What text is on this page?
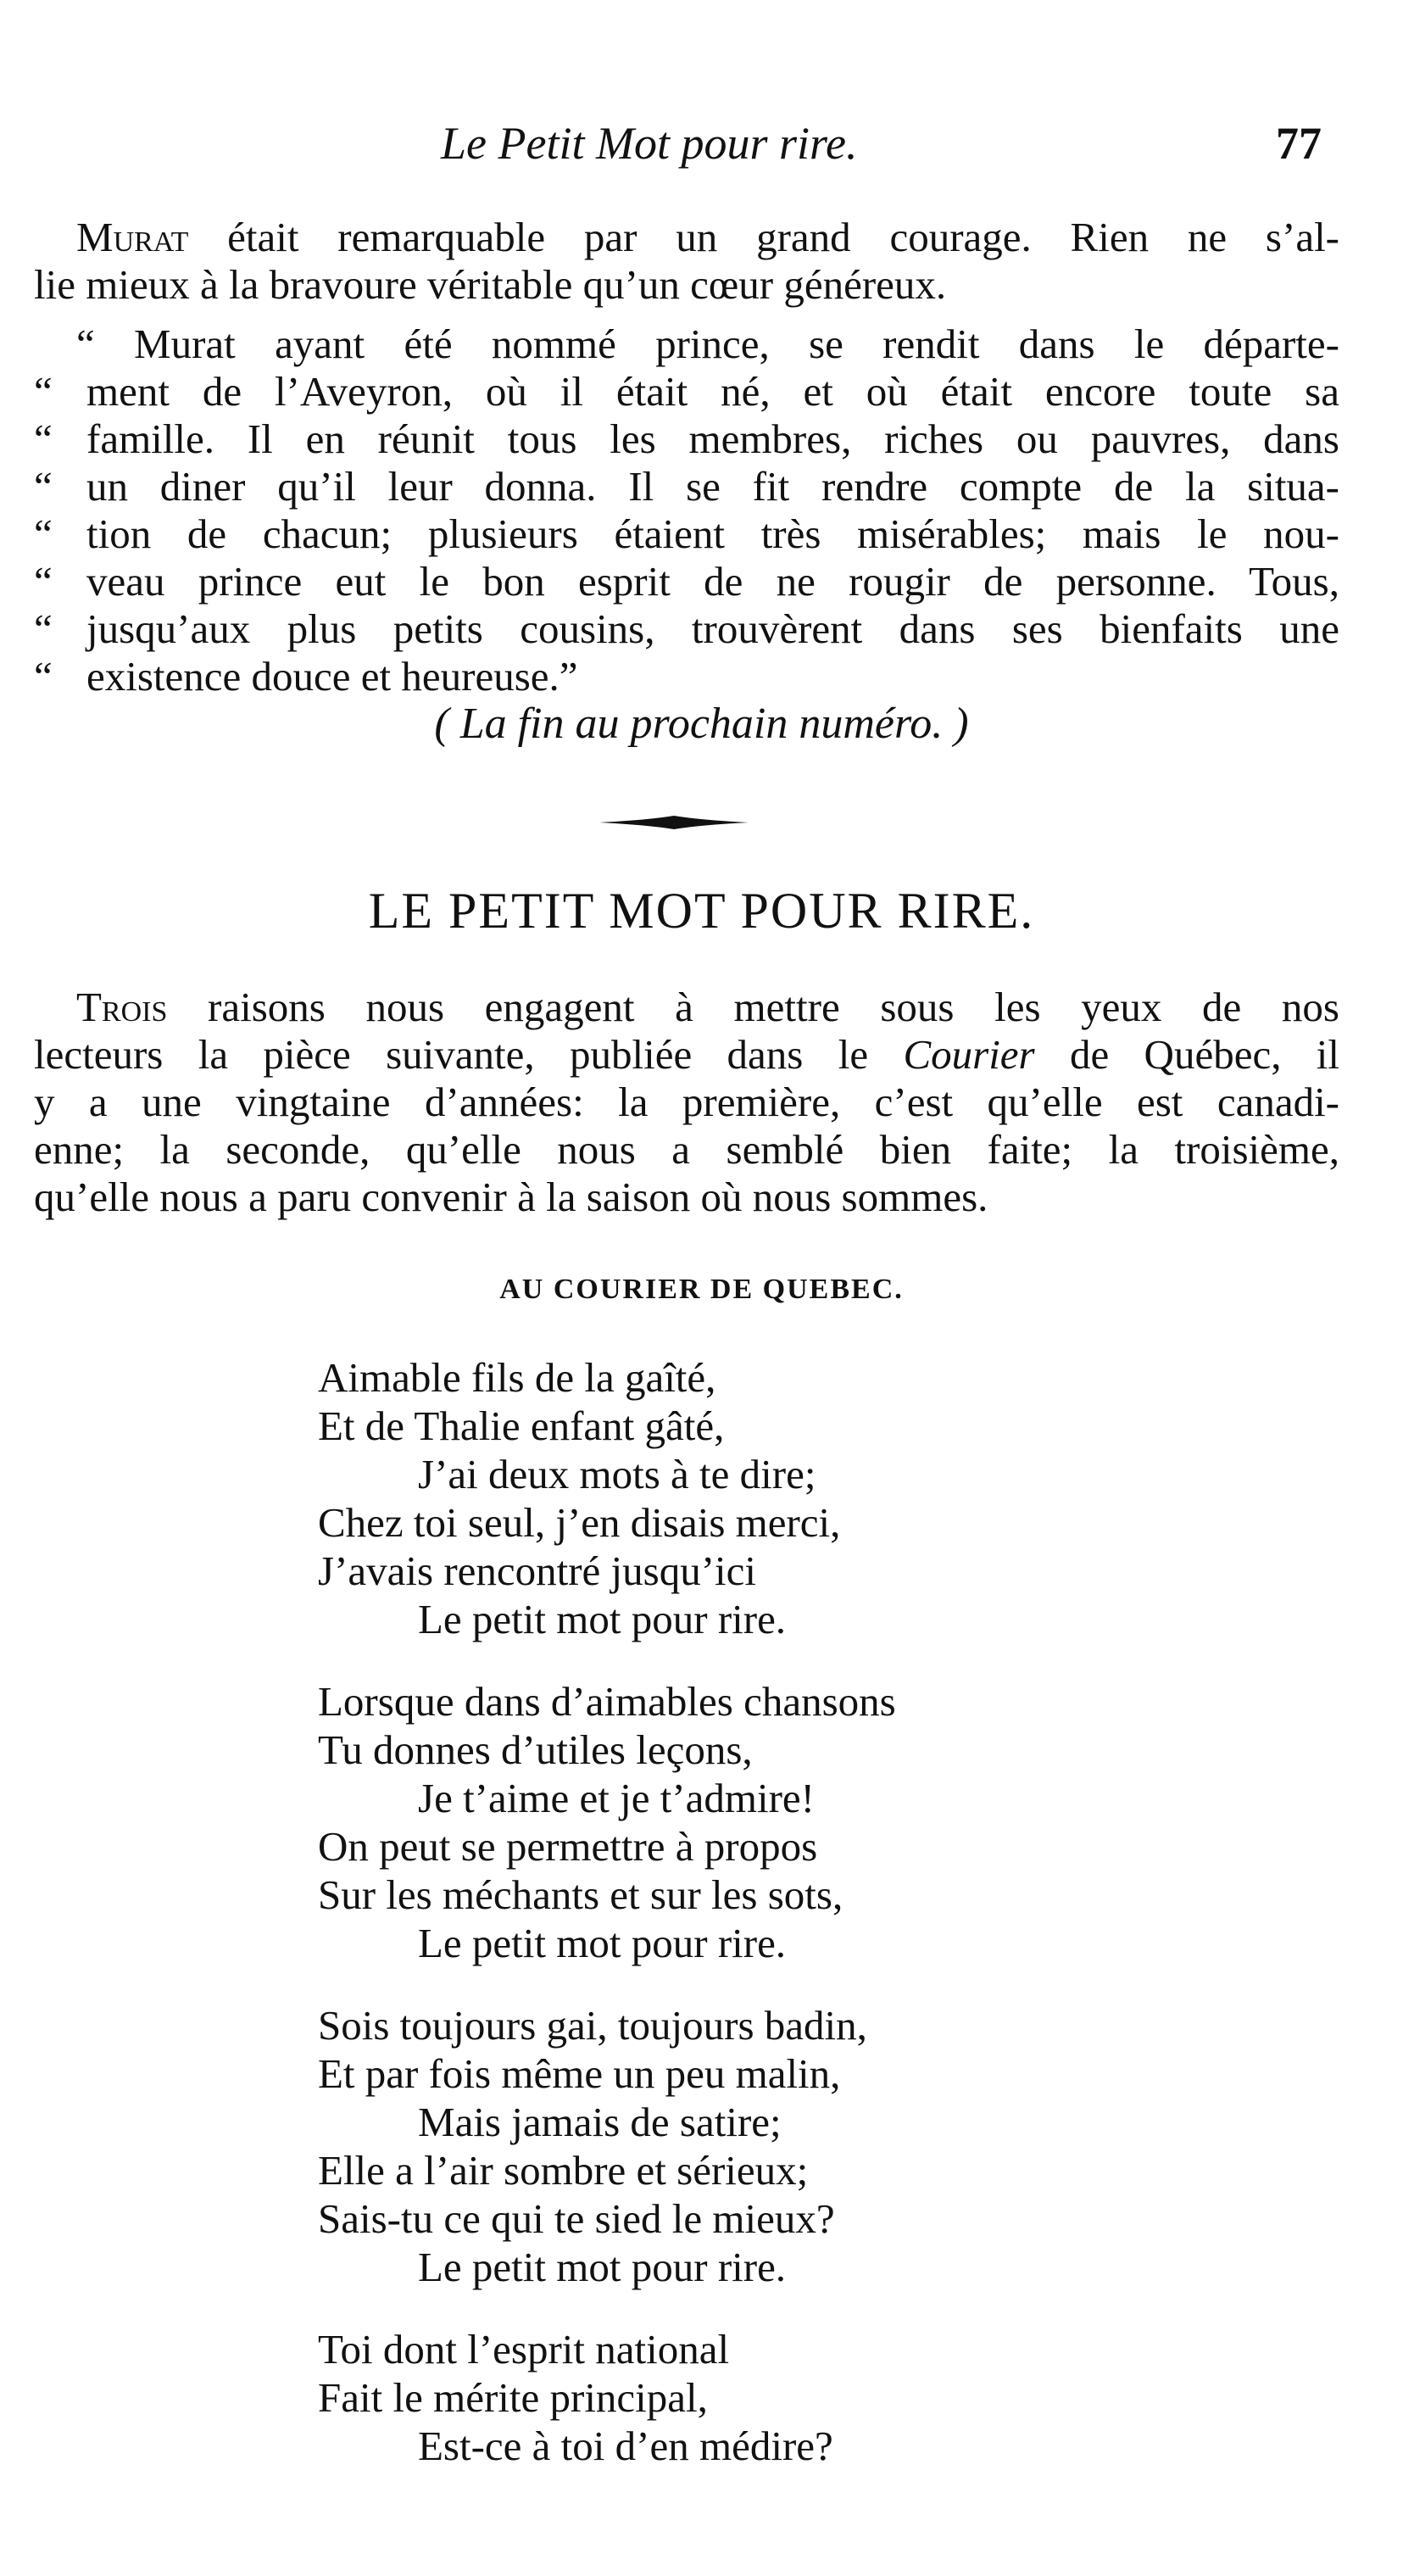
Le Petit Mot pour rire.	77
Murat était remarquable par un grand courage. Rien ne s’al-
lie mieux à la bravoure véritable qu’un cœur généreux.
“ Murat ayant été nommé prince, se rendit dans le départe-
“ ment de l’Aveyron, où il était né, et où était encore toute sa
“ famille. Il en réunit tous les membres, riches ou pauvres, dans
“ un diner qu’il leur donna. Il se fit rendre compte de la situa-
“ tion de chacun; plusieurs étaient très misérables; mais le nou-
“ veau prince eut le bon esprit de ne rougir de personne. Tous,
“ jusqu’aux plus petits cousins, trouvèrent dans ses bienfaits une
“ existence douce et heureuse.”
( La fin au prochain numéro. )
LE PETIT MOT POUR RIRE.
Trois raisons nous engagent à mettre sous les yeux de nos
lecteurs la pièce suivante, publiée dans le Courier de Québec, il
y a une vingtaine d’années: la première, c’est qu’elle est canadi-
enne; la seconde, qu’elle nous a semblé bien faite; la troisième,
qu’elle nous a paru convenir à la saison où nous sommes.
AU COURIER DE QUEBEC.
Aimable fils de la gaîté,
Et de Thalie enfant gâté,
J’ai deux mots à te dire;
Chez toi seul, j’en disais merci,
J’avais rencontré jusqu’ici
Le petit mot pour rire.
Lorsque dans d’aimables chansons
Tu donnes d’utiles leçons,
Je t’aime et je t’admire!
On peut se permettre à propos
Sur les méchants et sur les sots,
Le petit mot pour rire.
Sois toujours gai, toujours badin,
Et par fois même un peu malin,
Mais jamais de satire;
Elle a l’air sombre et sérieux;
Sais-tu ce qui te sied le mieux?
Le petit mot pour rire.
Toi dont l’esprit national
Fait le mérite principal,
Est-ce à toi d’en médire?
